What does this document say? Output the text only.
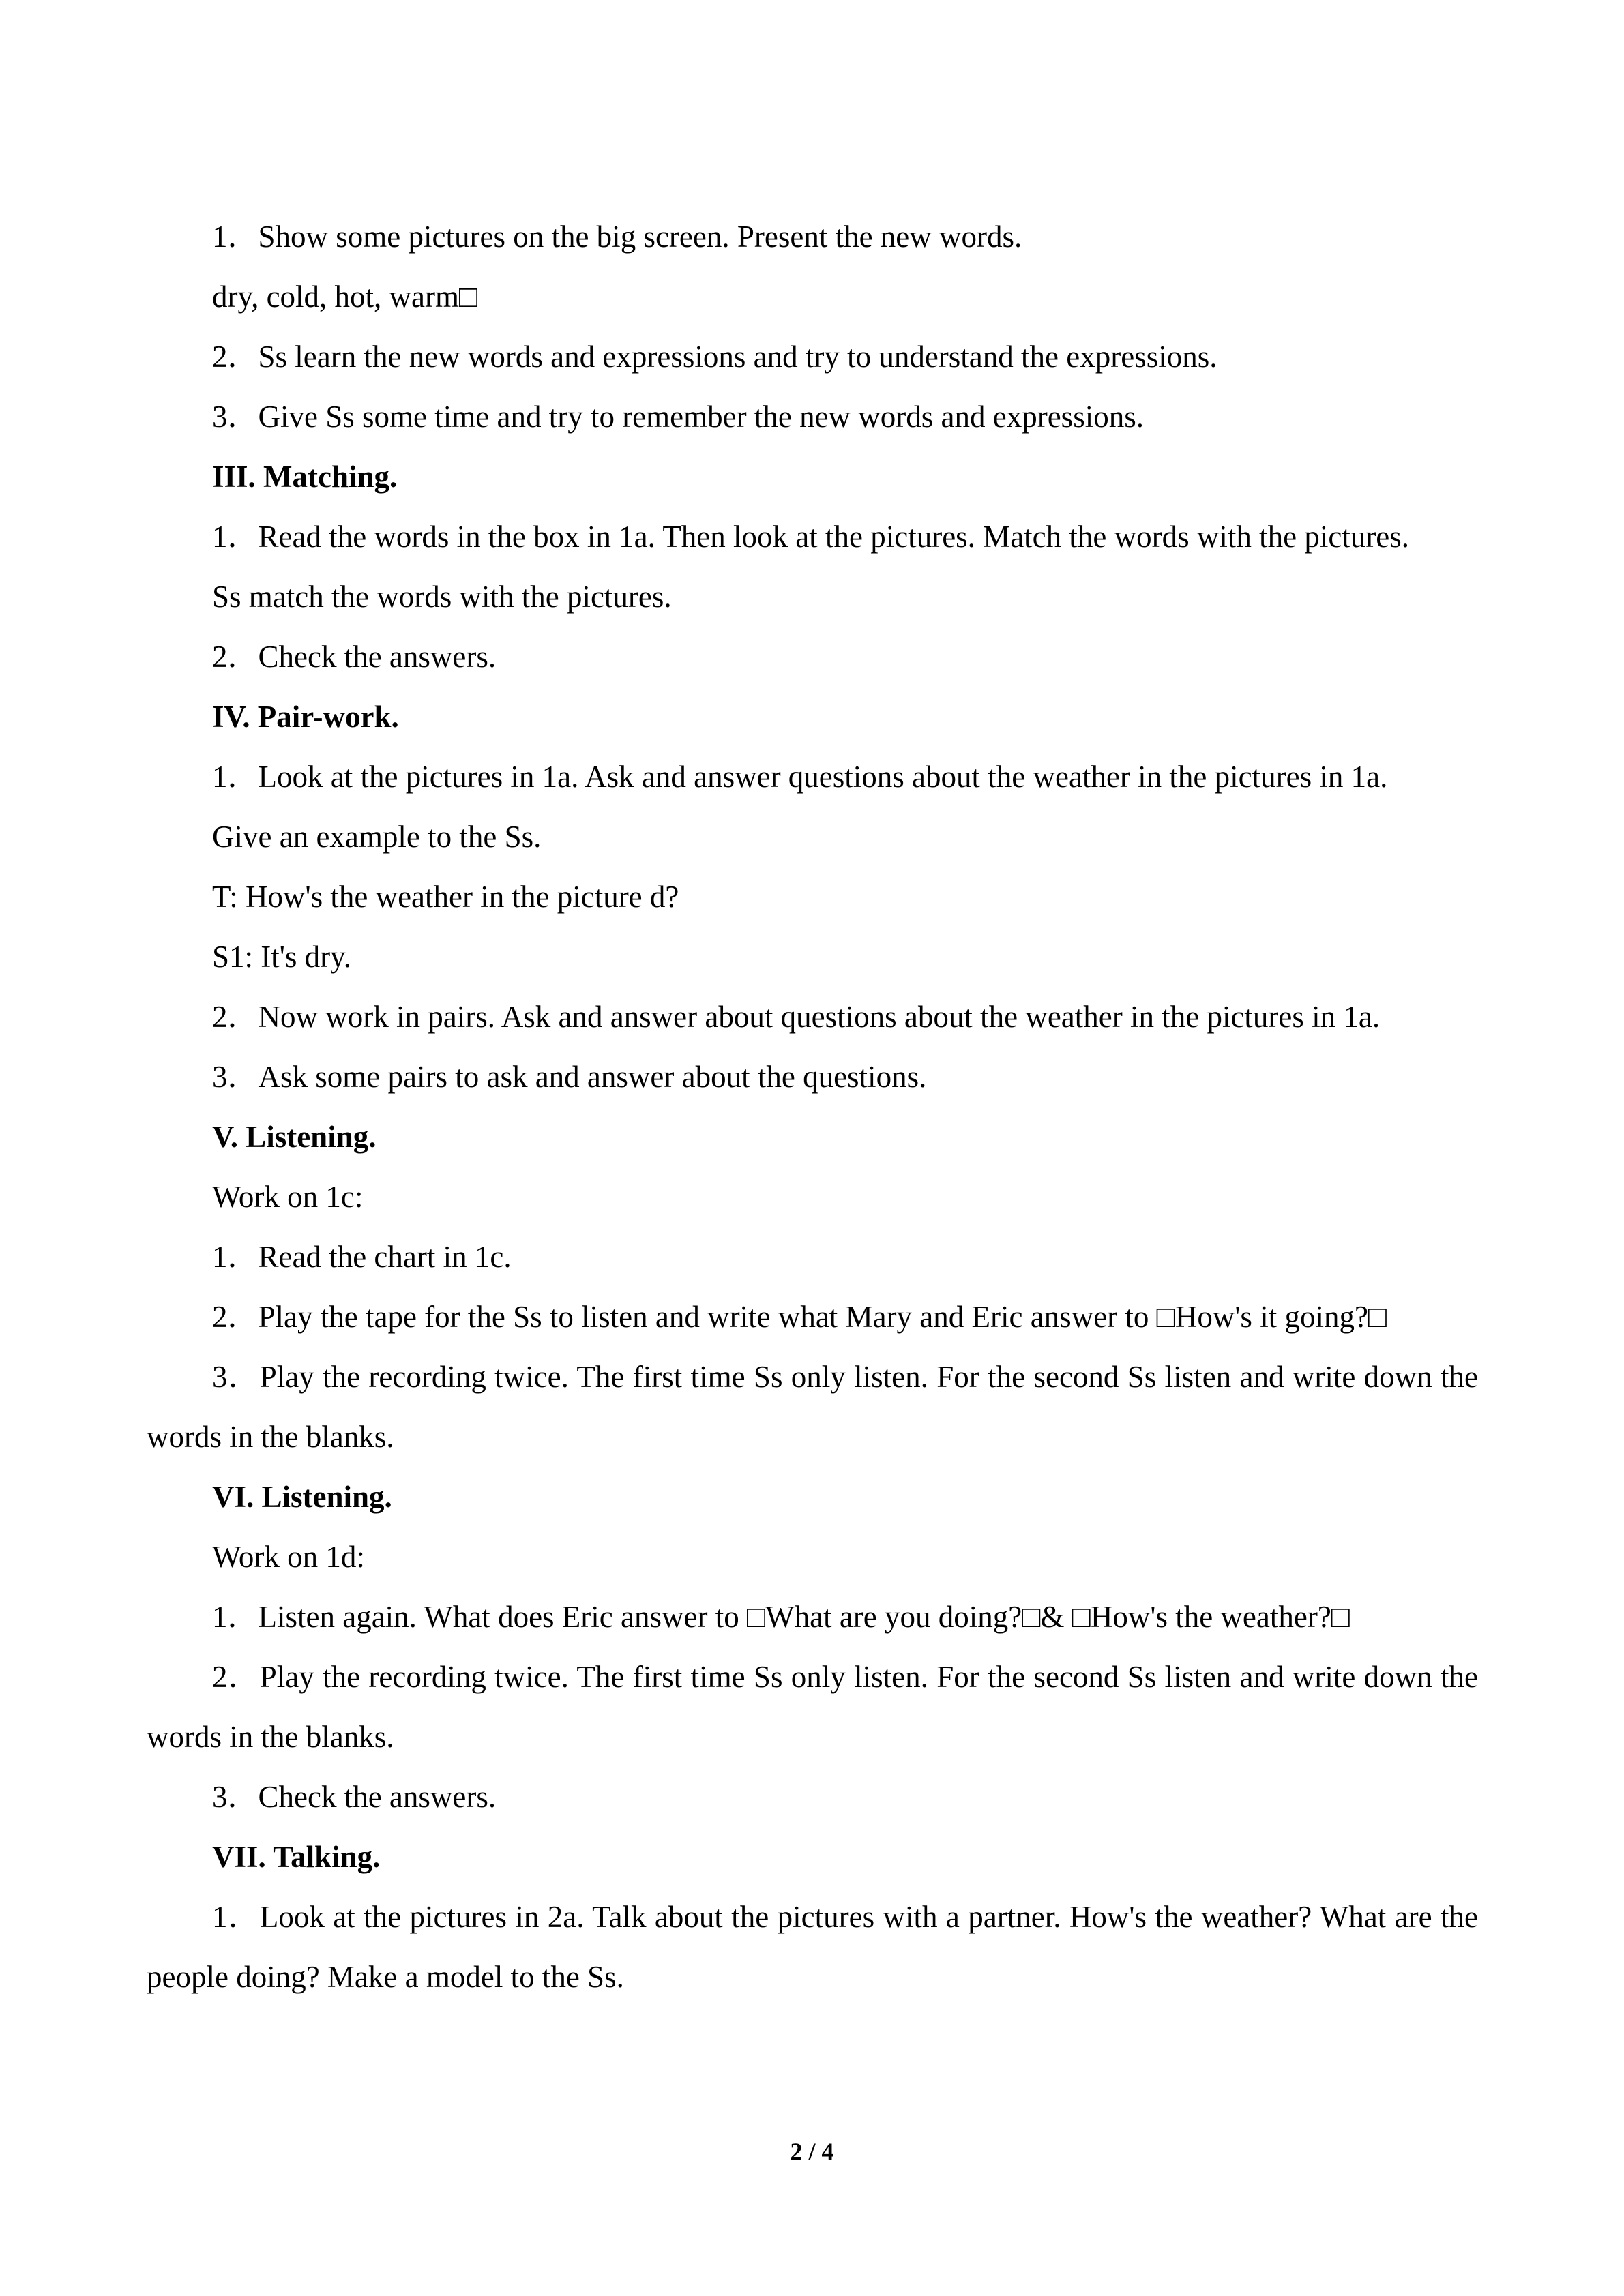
1．Show some pictures on the big screen. Present the new words.

dry, cold, hot, warm□

2．Ss learn the new words and expressions and try to understand the expressions.

3．Give Ss some time and try to remember the new words and expressions.

III. Matching.

1．Read the words in the box in 1a. Then look at the pictures. Match the words with the pictures.

Ss match the words with the pictures.

2．Check the answers.

IV. Pair-work.

1．Look at the pictures in 1a. Ask and answer questions about the weather in the pictures in 1a.

Give an example to the Ss.

T: How's the weather in the picture d?

S1: It's dry.

2．Now work in pairs. Ask and answer about questions about the weather in the pictures in 1a.

3．Ask some pairs to ask and answer about the questions.

V. Listening.

Work on 1c:

1．Read the chart in 1c.

2．Play the tape for the Ss to listen and write what Mary and Eric answer to □How's it going?□

3．Play the recording twice. The first time Ss only listen. For the second Ss listen and write down the words in the blanks.

VI. Listening.

Work on 1d:

1．Listen again. What does Eric answer to □What are you doing?□& □How's the weather?□

2．Play the recording twice. The first time Ss only listen. For the second Ss listen and write down the words in the blanks.

3．Check the answers.

VII. Talking.

1．Look at the pictures in 2a. Talk about the pictures with a partner. How's the weather? What are the people doing? Make a model to the Ss.

2 / 4
